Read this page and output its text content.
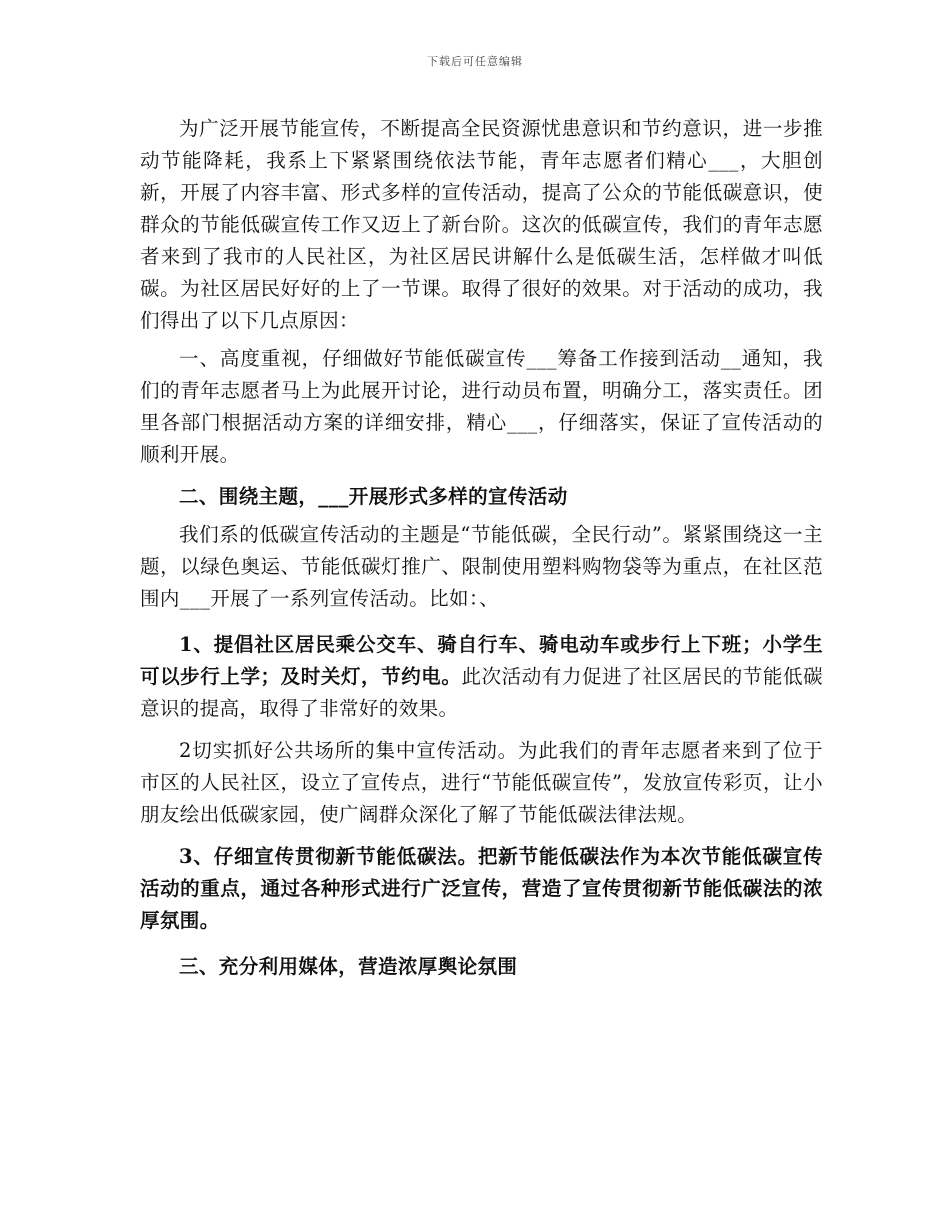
下载后可任意编辑

为广泛开展节能宣传，不断提高全民资源忧患意识和节约意识，进一步推动节能降耗，我系上下紧紧围绕依法节能，青年志愿者们精心___，大胆创新，开展了内容丰富、形式多样的宣传活动，提高了公众的节能低碳意识，使群众的节能低碳宣传工作又迈上了新台阶。这次的低碳宣传，我们的青年志愿者来到了我市的人民社区，为社区居民讲解什么是低碳生活，怎样做才叫低碳。为社区居民好好的上了一节课。取得了很好的效果。对于活动的成功，我们得出了以下几点原因：

一、高度重视，仔细做好节能低碳宣传___筹备工作接到活动__通知，我们的青年志愿者马上为此展开讨论，进行动员布置，明确分工，落实责任。团里各部门根据活动方案的详细安排，精心___，仔细落实，保证了宣传活动的顺利开展。

二、围绕主题，___开展形式多样的宣传活动

我们系的低碳宣传活动的主题是“节能低碳，全民行动”。紧紧围绕这一主题，以绿色奥运、节能低碳灯推广、限制使用塑料购物袋等为重点，在社区范围内___开展了一系列宣传活动。比如：、

1、提倡社区居民乘公交车、骑自行车、骑电动车或步行上下班；小学生可以步行上学；及时关灯，节约电。此次活动有力促进了社区居民的节能低碳意识的提高，取得了非常好的效果。

2切实抓好公共场所的集中宣传活动。为此我们的青年志愿者来到了位于市区的人民社区，设立了宣传点，进行“节能低碳宣传”，发放宣传彩页，让小朋友绘出低碳家园，使广阔群众深化了解了节能低碳法律法规。

3、仔细宣传贯彻新节能低碳法。把新节能低碳法作为本次节能低碳宣传活动的重点，通过各种形式进行广泛宣传，营造了宣传贯彻新节能低碳法的浓厚氛围。

三、充分利用媒体，营造浓厚舆论氛围
